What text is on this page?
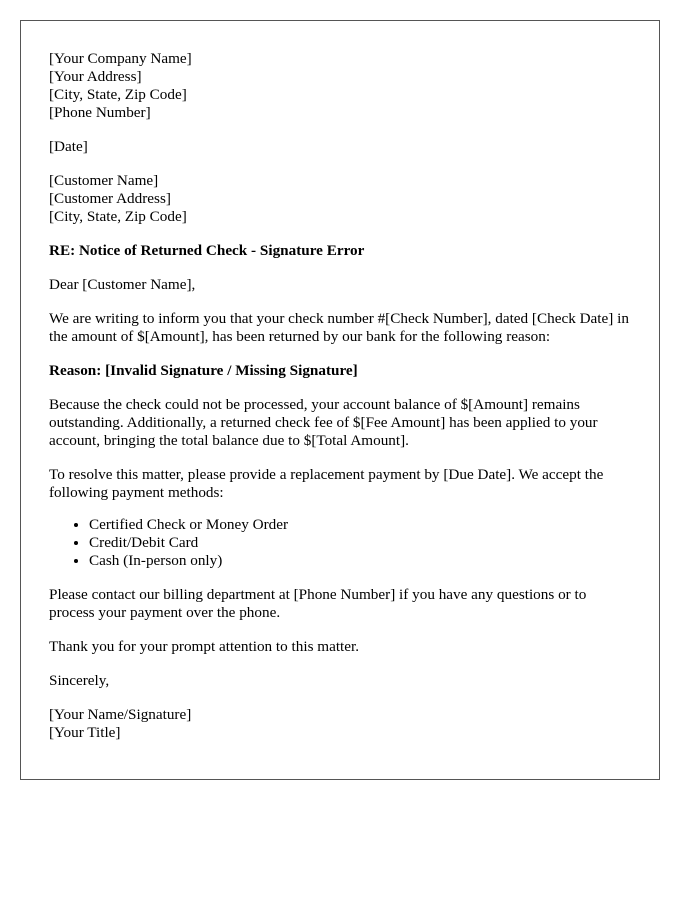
[Your Company Name]
[Your Address]
[City, State, Zip Code]
[Phone Number]
[Date]
[Customer Name]
[Customer Address]
[City, State, Zip Code]

RE: Notice of Returned Check - Signature Error

Dear [Customer Name],

We are writing to inform you that your check number #[Check Number], dated [Check Date] in the amount of $[Amount], has been returned by our bank for the following reason:

Reason: [Invalid Signature / Missing Signature]

Because the check could not be processed, your account balance of $[Amount] remains outstanding. Additionally, a returned check fee of $[Fee Amount] has been applied to your account, bringing the total balance due to $[Total Amount].

To resolve this matter, please provide a replacement payment by [Due Date]. We accept the following payment methods:

• Certified Check or Money Order
• Credit/Debit Card
• Cash (In-person only)

Please contact our billing department at [Phone Number] if you have any questions or to process your payment over the phone.

Thank you for your prompt attention to this matter.

Sincerely,

[Your Name/Signature]
[Your Title]
